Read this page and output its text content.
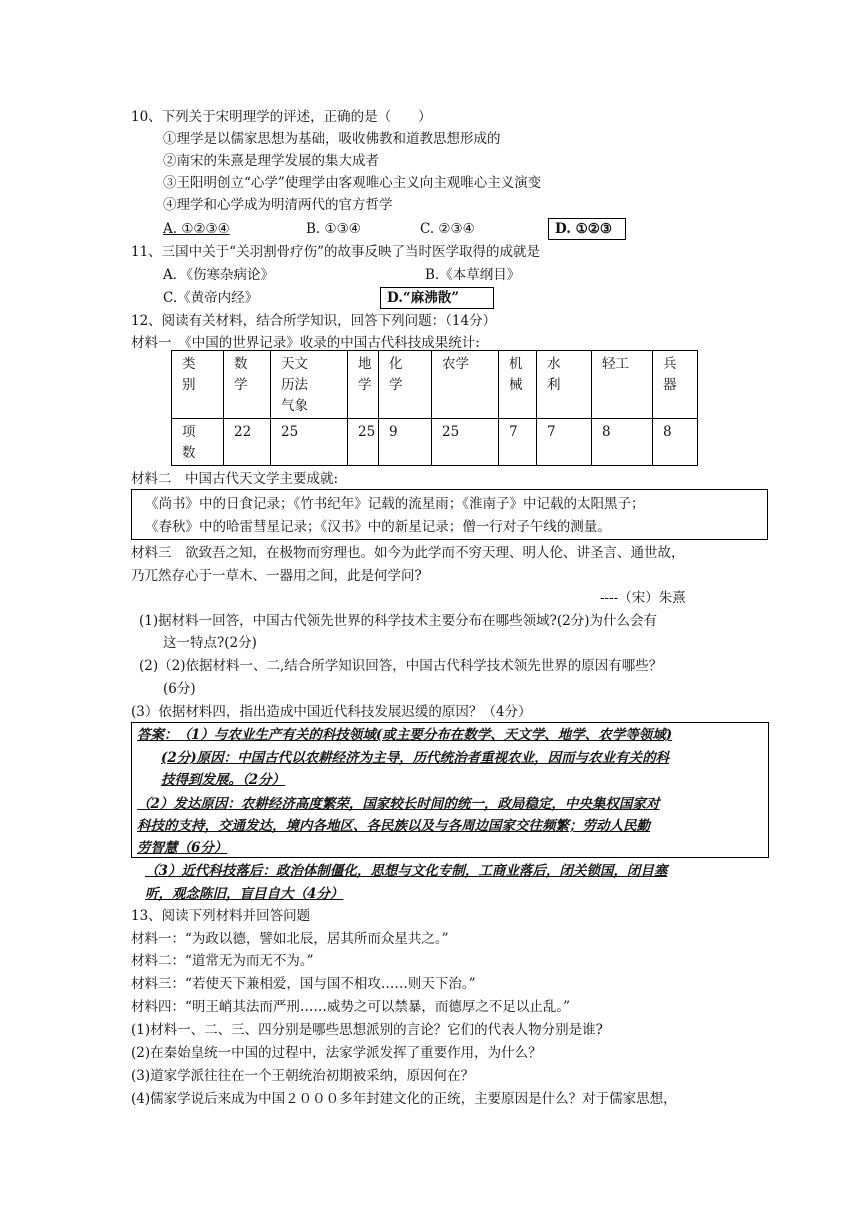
10、下列关于宋明理学的评述，正确的是（　　）
①理学是以儒家思想为基础，吸收佛教和道教思想形成的
②南宋的朱熹是理学发展的集大成者
③王阳明创立“心学”使理学由客观唯心主义向主观唯心主义演变
④理学和心学成为明清两代的官方哲学
A. ①②③④	B. ①③④	C. ②③④	D. ①②③
11、三国中关于“关羽割骨疗伤”的故事反映了当时医学取得的成就是
A．《伤寒杂病论》	B.《本草纲目》
C.《黄帝内经》	D.“麻沸散”
12、阅读有关材料，结合所学知识，回答下列问题：（14分）
材料一　《中国的世界记录》收录的中国古代科技成果统计:
类别	数学	天文历法气象	地学	化学	农学	机械	水利	轻工	兵器

项数	22	25	25	9	25	7	7	8	8
材料二　中国古代天文学主要成就:
《尚书》中的日食记录；《竹书纪年》记载的流星雨；《淮南子》中记载的太阳黑子；
《春秋》中的哈雷彗星记录；《汉书》中的新星记录；僧一行对子午线的测量。
材料三　欲致吾之知，在极物而穷理也。如今为此学而不穷天理、明人伦、讲圣言、通世故，
乃兀然存心于一草木、一器用之间，此是何学问?
----（宋）朱熹
(1)据材料一回答，中国古代领先世界的科学技术主要分布在哪些领域?(2分)为什么会有
这一特点?(2分)
(2)（2)依据材料一、二,结合所学知识回答，中国古代科学技术领先世界的原因有哪些？
(6分)
(3）依据材料四，指出造成中国近代科技发展迟缓的原因？（4分）
答案：（1）与农业生产有关的科技领域(或主要分布在数学、天文学、地学、农学等领域)
(2分)原因：中国古代以农耕经济为主导，历代统治者重视农业，因而与农业有关的科
技得到发展。（2分）
（2）发达原因：农耕经济高度繁荣，国家较长时间的统一，政局稳定，中央集权国家对
科技的支持，交通发达，境内各地区、各民族以及与各周边国家交往频繁；劳动人民勤
劳智慧（6分）
（3）近代科技落后：政治体制僵化，思想与文化专制，工商业落后，闭关锁国，闭目塞
听，观念陈旧，盲目自大（4分）
13、阅读下列材料并回答问题
材料一：“为政以德，譬如北辰，居其所而众星共之。”
材料二：“道常无为而无不为。”
材料三：“若使天下兼相爱，国与国不相攻……则天下治。”
材料四：“明王峭其法而严刑……威势之可以禁暴，而德厚之不足以止乱。”
(1)材料一、二、三、四分别是哪些思想派别的言论？它们的代表人物分别是谁?
(2)在秦始皇统一中国的过程中，法家学派发挥了重要作用，为什么？
(3)道家学派往往在一个王朝统治初期被采纳，原因何在？
(4)儒家学说后来成为中国２０００多年封建文化的正统，主要原因是什么？对于儒家思想，
